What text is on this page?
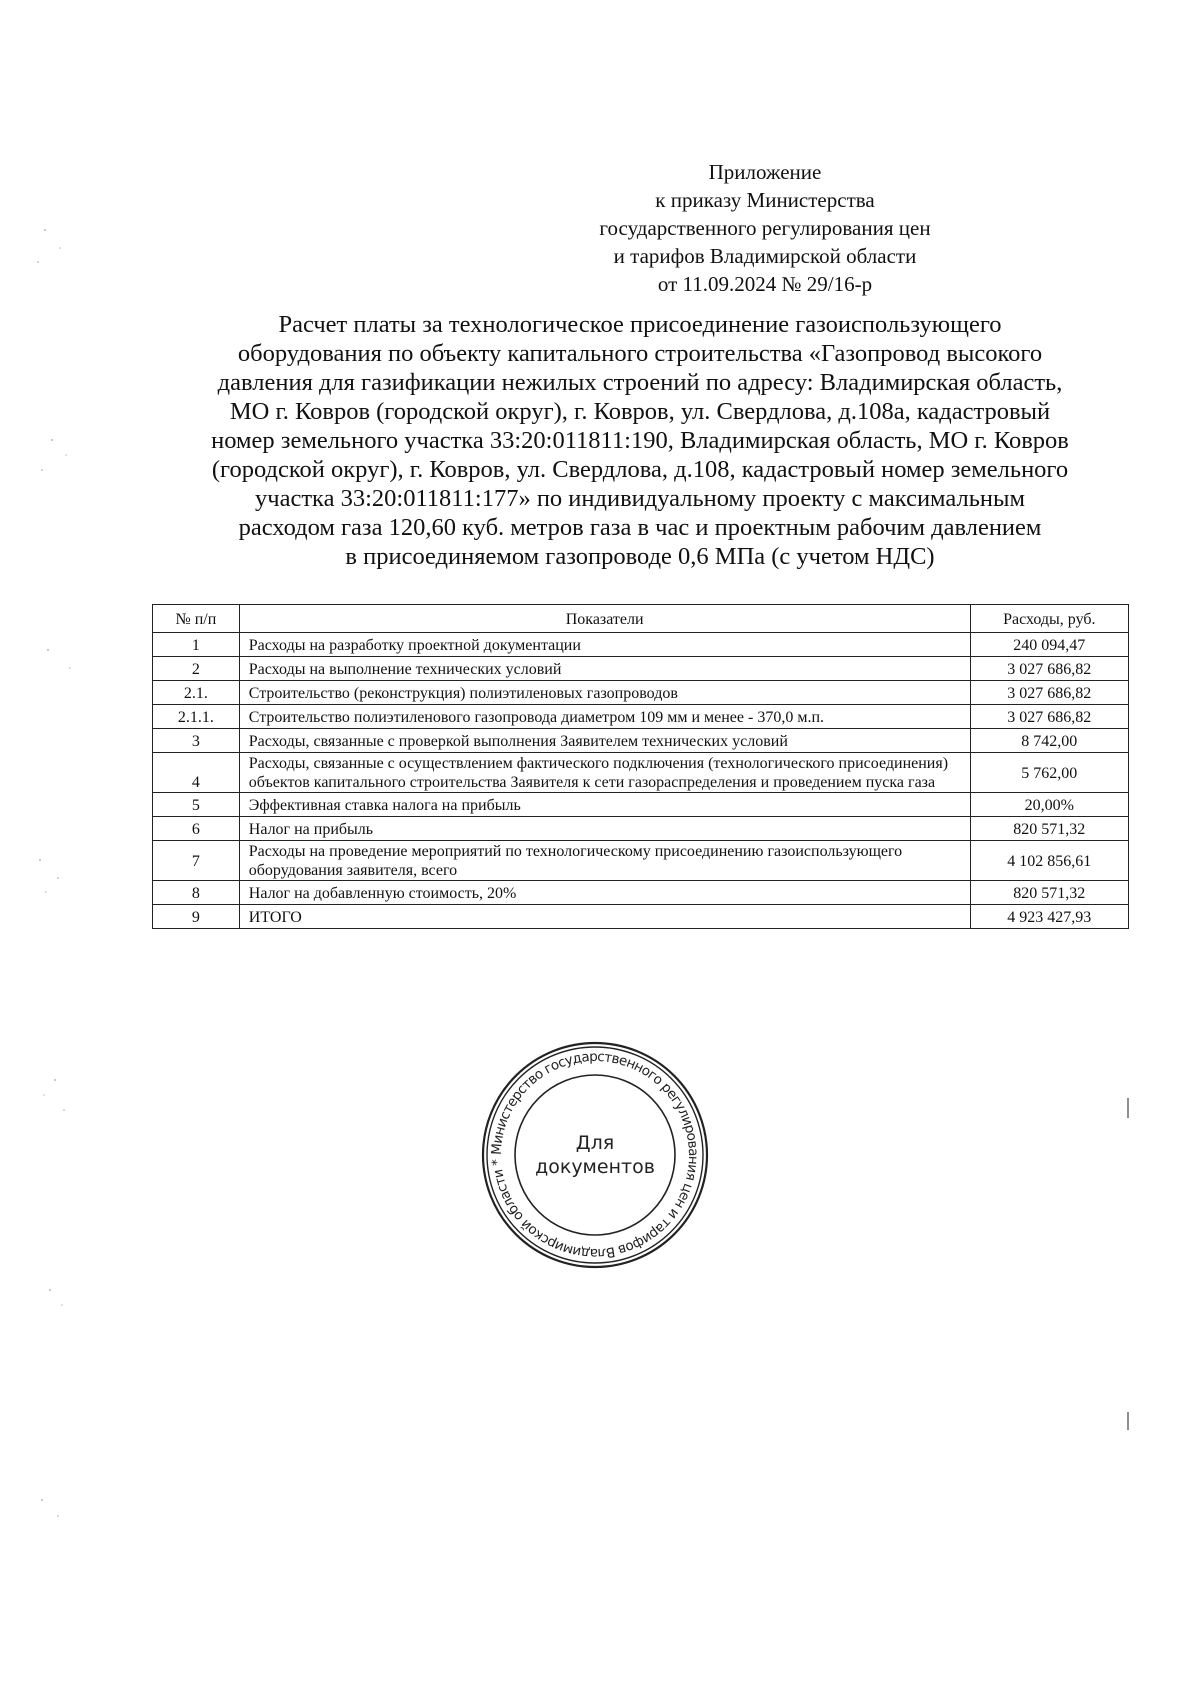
Приложение
к приказу Министерства
государственного регулирования цен
и тарифов Владимирской области
от 11.09.2024 № 29/16-р
Расчет платы за технологическое присоединение газоиспользующего
оборудования по объекту капитального строительства «Газопровод высокого
давления для газификации нежилых строений по адресу: Владимирская область,
МО г. Ковров (городской округ), г. Ковров, ул. Свердлова, д.108а, кадастровый
номер земельного участка 33:20:011811:190, Владимирская область, МО г. Ковров
(городской округ), г. Ковров, ул. Свердлова, д.108, кадастровый номер земельного
участка 33:20:011811:177» по индивидуальному проекту с максимальным
расходом газа 120,60 куб. метров газа в час и проектным рабочим давлением
в присоединяемом газопроводе 0,6 МПа (с учетом НДС)
№ п/п	Показатели	Расходы, руб.
1	Расходы на разработку проектной документации	240 094,47
2	Расходы на выполнение технических условий	3 027 686,82
2.1.	Строительство (реконструкция) полиэтиленовых газопроводов	3 027 686,82
2.1.1.	Строительство полиэтиленового газопровода диаметром 109 мм и менее - 370,0 м.п.	3 027 686,82
3	Расходы, связанные с проверкой выполнения Заявителем технических условий	8 742,00
4	Расходы, связанные с осуществлением фактического подключения (технологического присоединения) объектов капитального строительства Заявителя к сети газораспределения и проведением пуска газа	5 762,00
5	Эффективная ставка налога на прибыль	20,00%
6	Налог на прибыль	820 571,32
7	Расходы на проведение мероприятий по технологическому присоединению газоиспользующего оборудования заявителя, всего	4 102 856,61
8	Налог на добавленную стоимость, 20%	820 571,32
9	ИТОГО	4 923 427,93
Министерство государственного регулирования цен и тарифов Владимирской области *
Для
документов
